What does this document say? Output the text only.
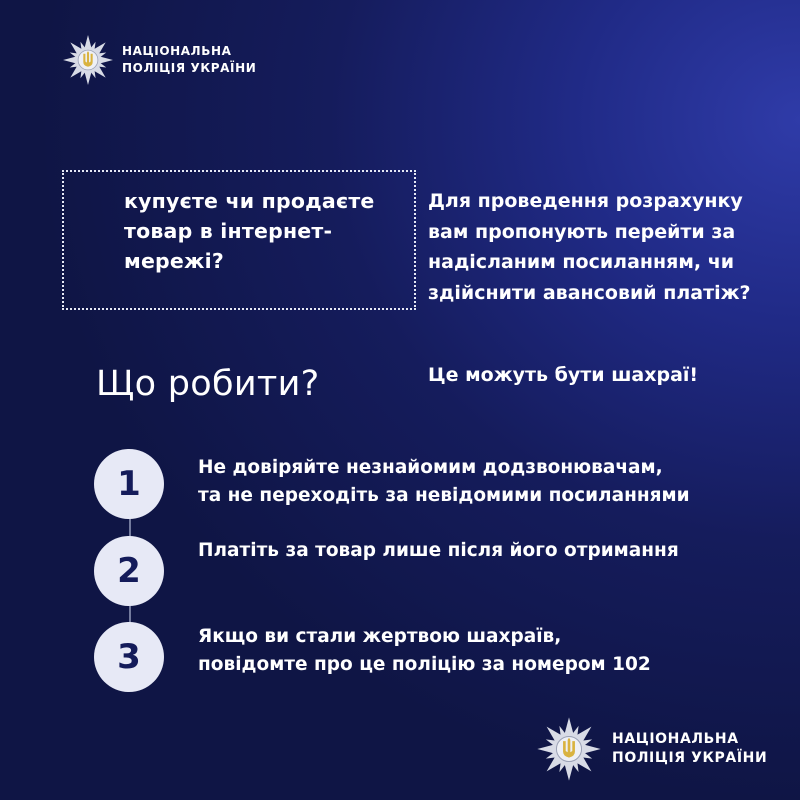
НАЦІОНАЛЬНА
ПОЛІЦІЯ УКРАЇНИ
купуєте чи продаєте товар в інтернет-мережі?
Для проведення розрахунку вам пропонують перейти за надісланим посиланням, чи здійснити авансовий платіж?
Це можуть бути шахраї!
Що робити?
1	Не довіряйте незнайомим додзвонювачам,
та не переходіть за невідомими посиланнями
2
Платіть за товар лише після його отримання
3
Якщо ви стали жертвою шахраїв,
повідомте про це поліцію за номером 102
НАЦІОНАЛЬНА
ПОЛІЦІЯ УКРАЇНИ
